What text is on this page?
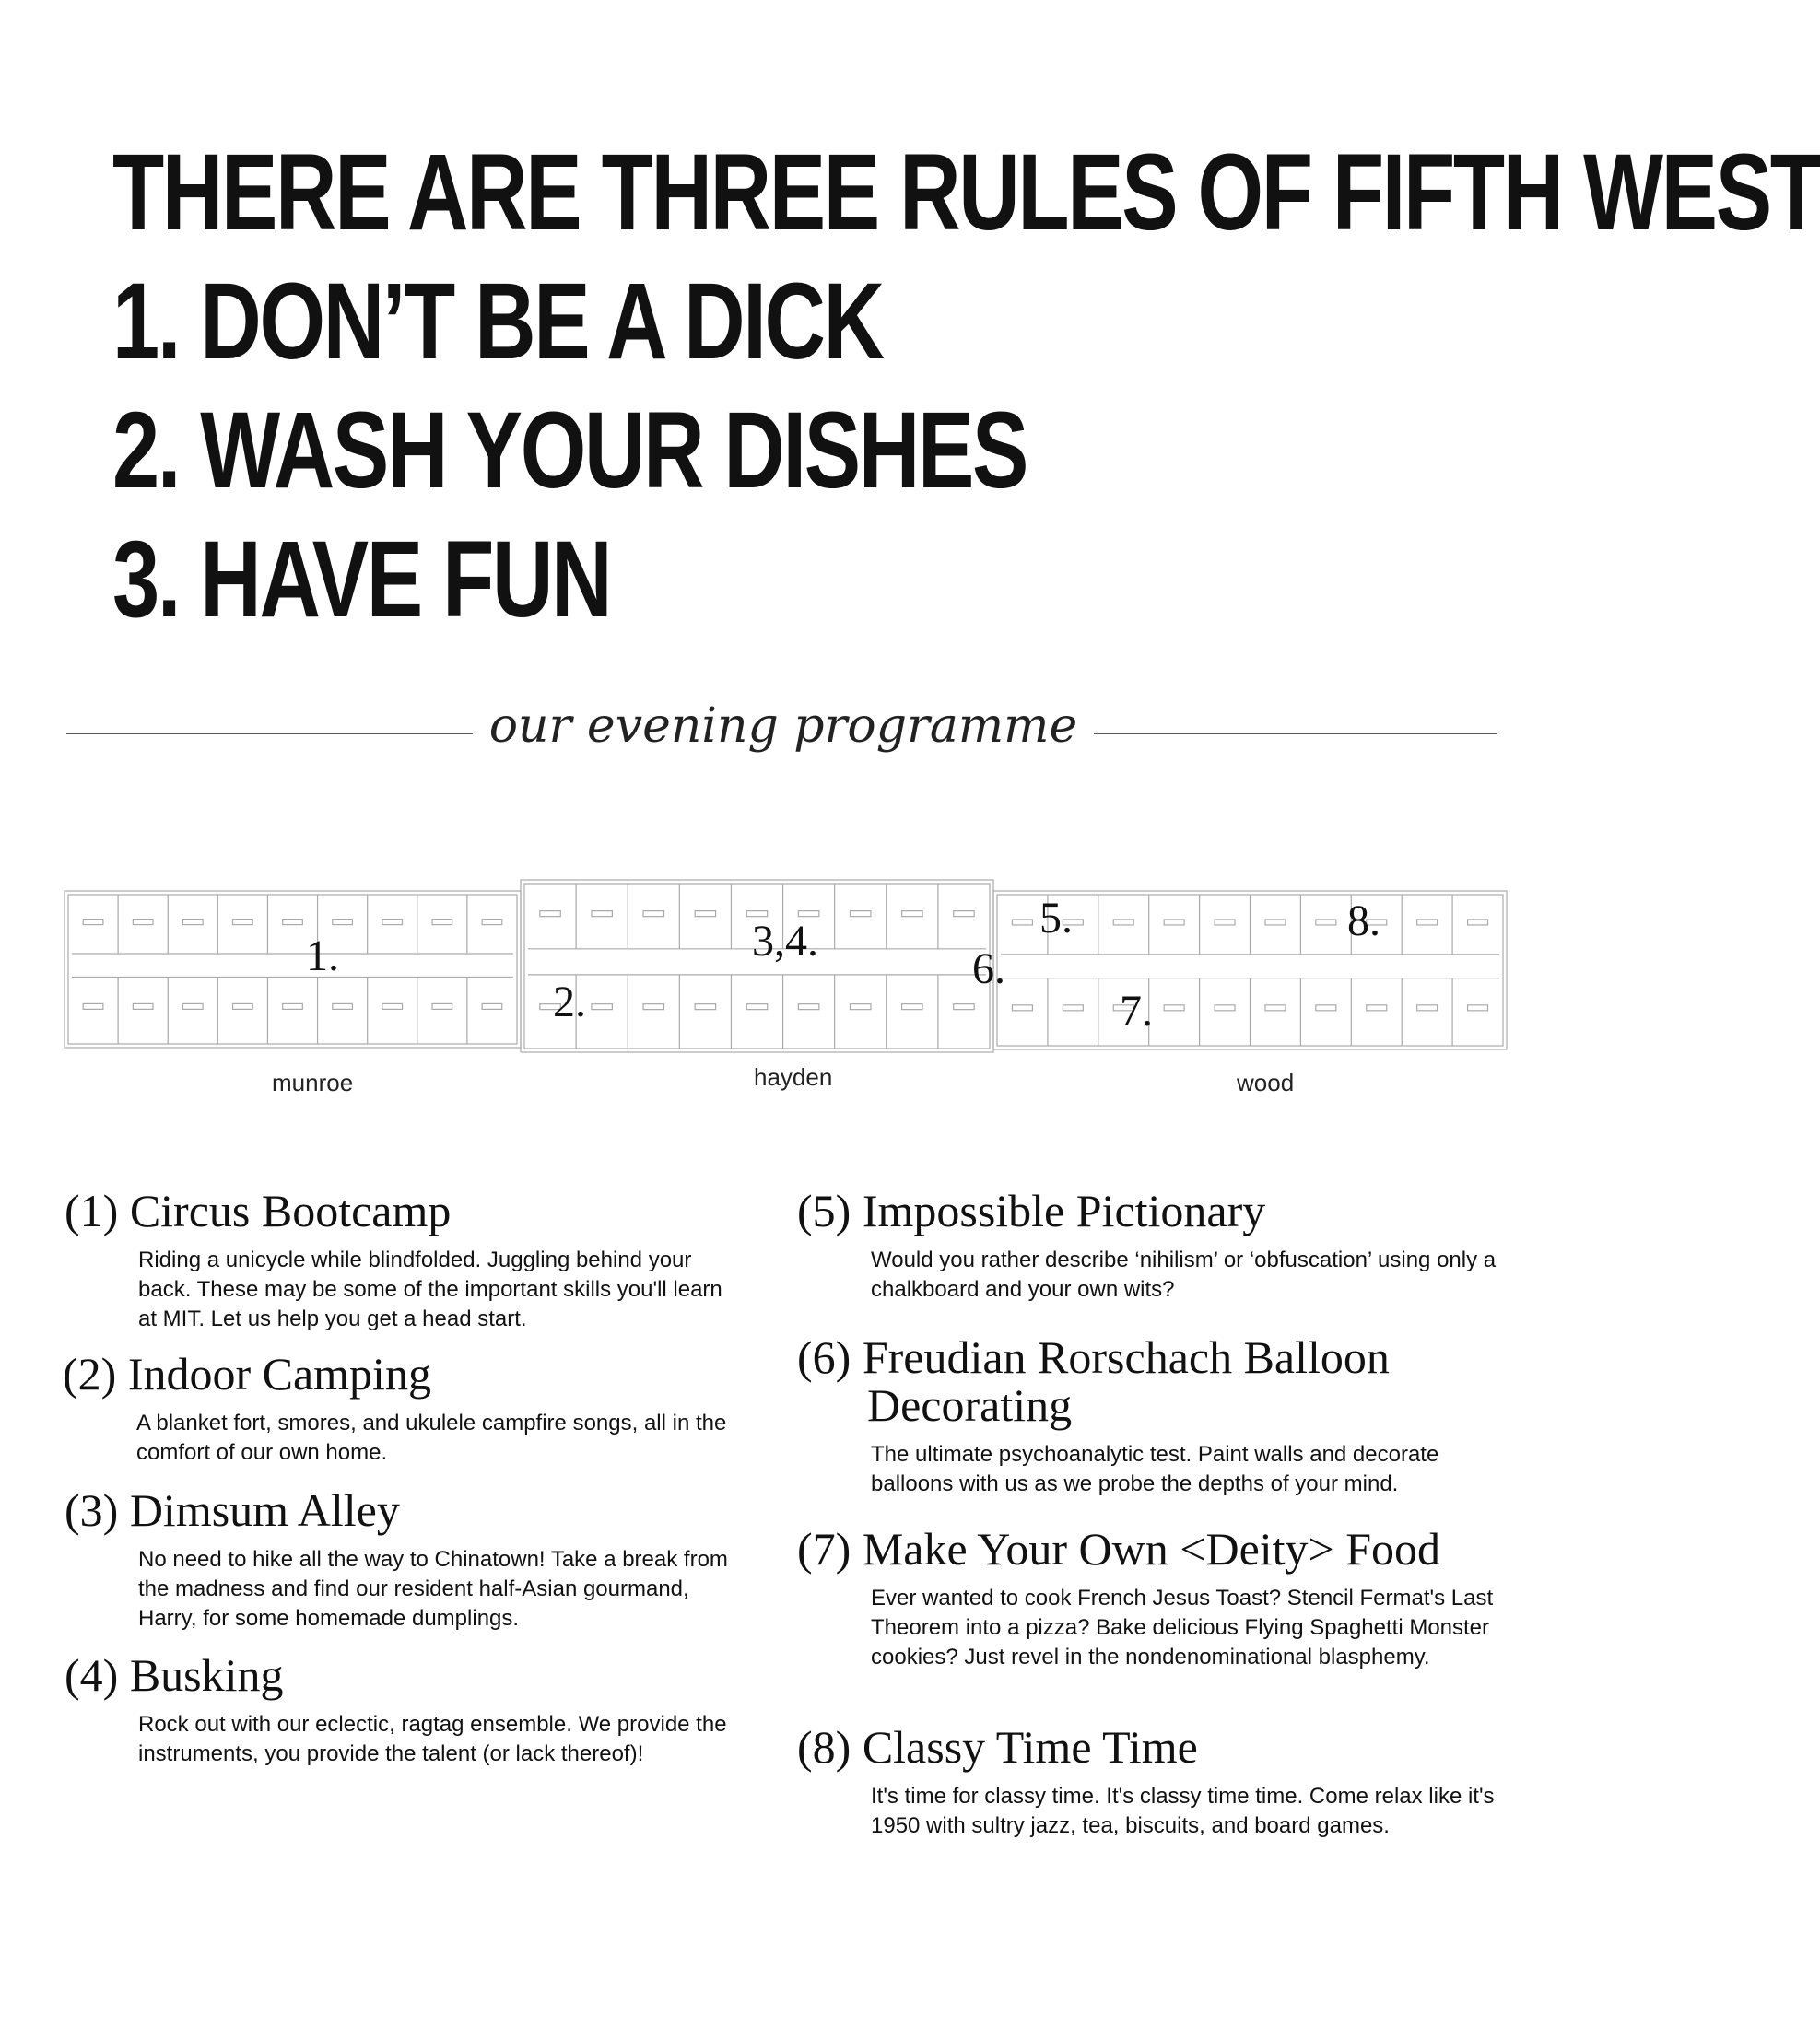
THERE ARE THREE RULES OF FIFTH WEST
1. DON’T BE A DICK
2. WASH YOUR DISHES
3. HAVE FUN
our evening programme
1.
2.
3,4.	5.
6.
7.
8.
munroe	hayden	wood
(1) Circus Bootcamp

Riding a unicycle while blindfolded. Juggling behind your back. These may be some of the important skills you'll learn at MIT. Let us help you get a head start.

(2) Indoor Camping

A blanket fort, smores, and ukulele campfire songs, all in the comfort of our own home.

(3) Dimsum Alley

No need to hike all the way to Chinatown! Take a break from the madness and find our resident half-Asian gourmand, Harry, for some homemade dumplings.

(4) Busking

Rock out with our eclectic, ragtag ensemble. We provide the instruments, you provide the talent (or lack thereof)!

(5) Impossible Pictionary

Would you rather describe ‘nihilism’ or ‘obfuscation’ using only a chalkboard and your own wits?

(6) Freudian Rorschach Balloon
Decorating

The ultimate psychoanalytic test. Paint walls and decorate balloons with us as we probe the depths of your mind.

(7) Make Your Own <Deity> Food

Ever wanted to cook French Jesus Toast? Stencil Fermat's Last Theorem into a pizza? Bake delicious Flying Spaghetti Monster cookies? Just revel in the nondenominational blasphemy.

(8) Classy Time Time

It's time for classy time. It's classy time time. Come relax like it's 1950 with sultry jazz, tea, biscuits, and board games.
